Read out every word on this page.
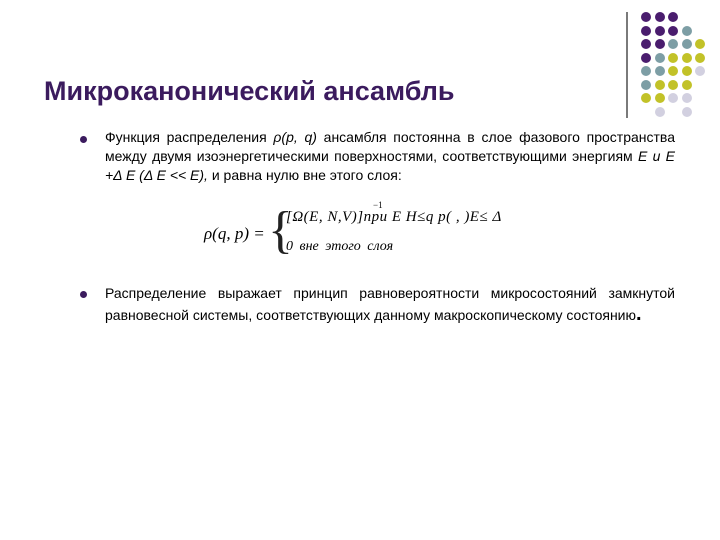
Микроканонический ансамбль

Функция распределения ρ(p, q) ансамбля постоянна в слое фазового пространства между двумя изоэнергетическими поверхностями, соответствующими энергиям E и E +Δ E (Δ E << E), и равна нулю вне этого слоя:

ρ(q, p) = {
[Ω(E, N,V)]при E H≤q p( , )E≤ Δ
−1
0 вне этого слоя

Распределение выражает принцип равновероятности микросостояний замкнутой равновесной системы, соответствующих данному макроскопическому состоянию.
